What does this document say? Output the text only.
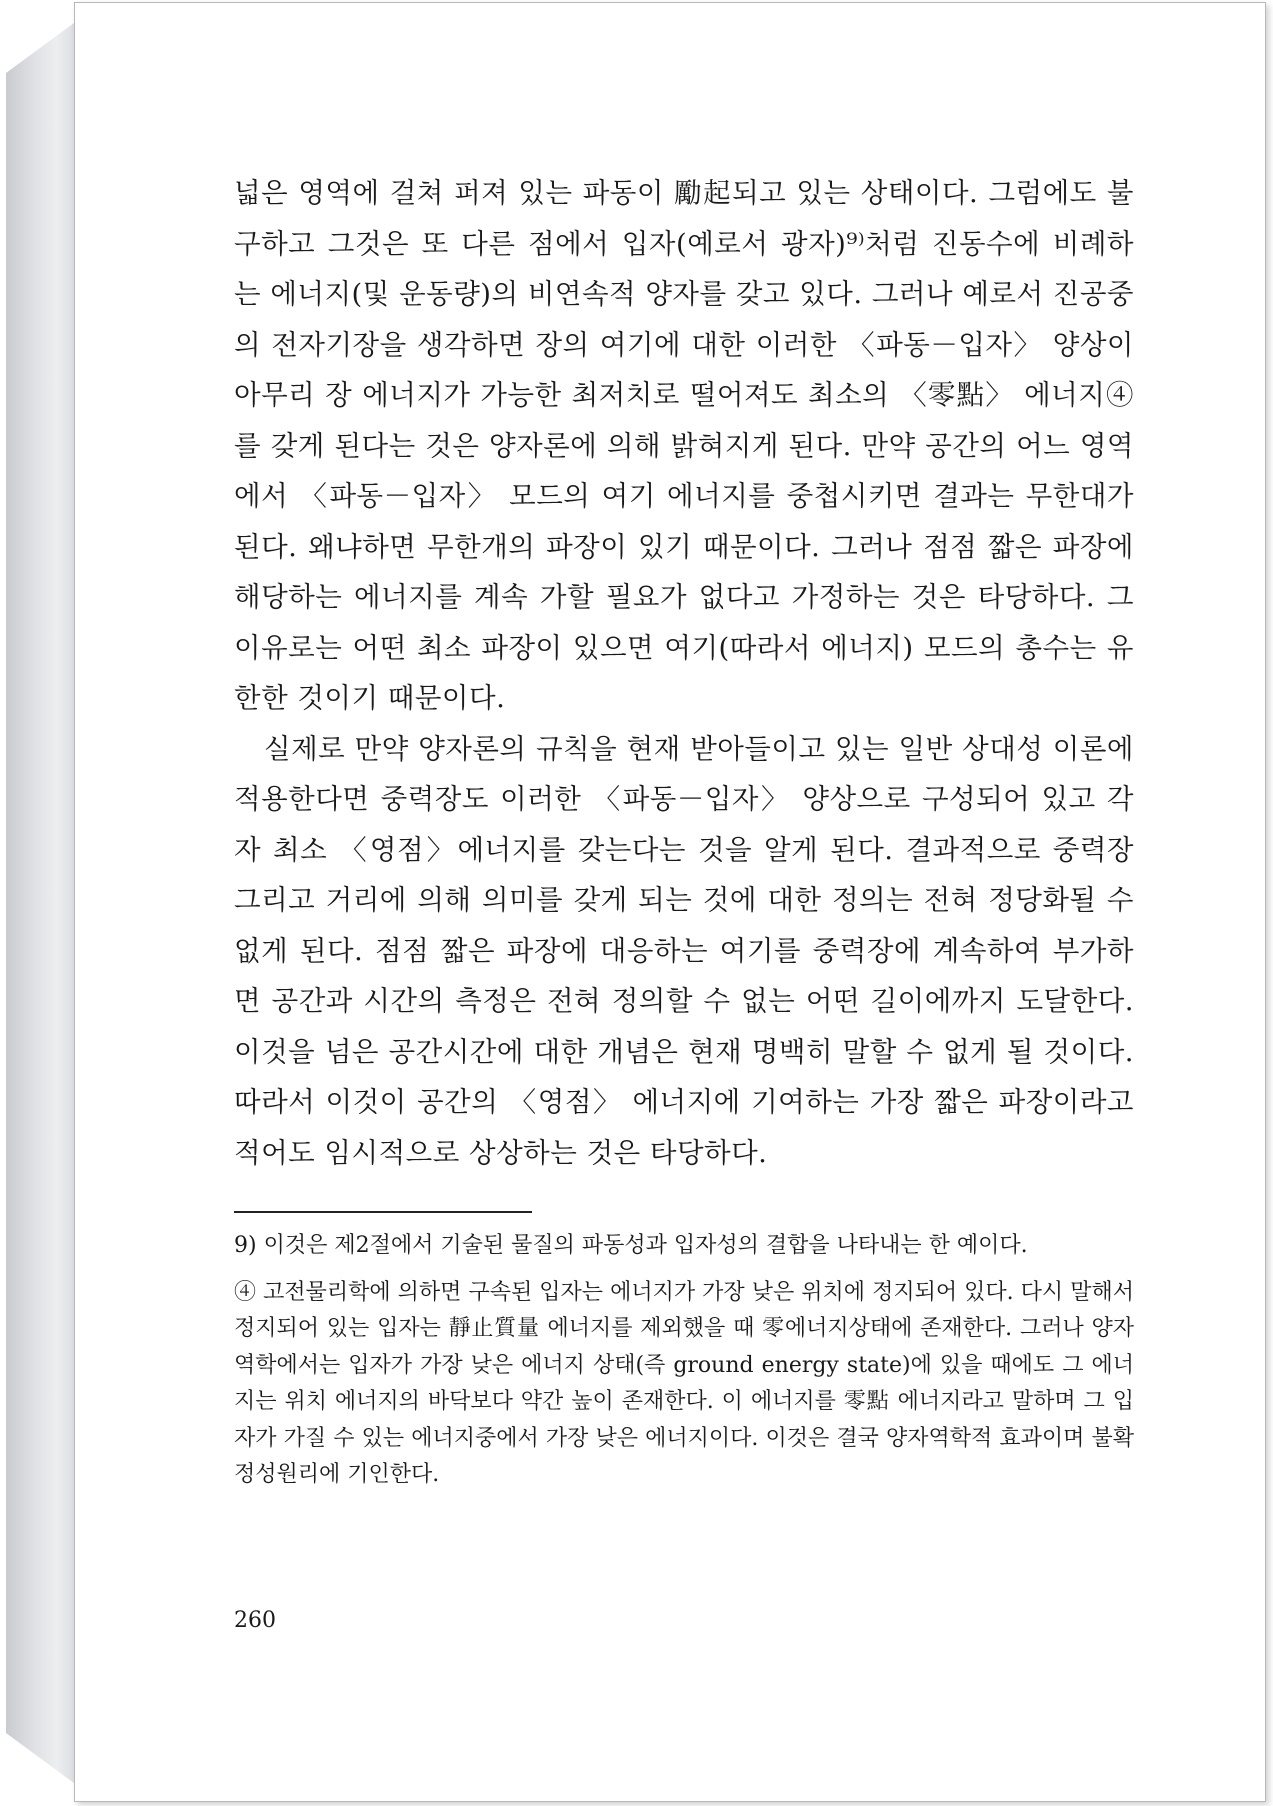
넓은 영역에 걸쳐 퍼져 있는 파동이 勵起되고 있는 상태이다. 그럼에도 불구하고 그것은 또 다른 점에서 입자(예로서 광자)⁹⁾처럼 진동수에 비례하는 에너지(및 운동량)의 비연속적 양자를 갖고 있다. 그러나 예로서 진공중의 전자기장을 생각하면 장의 여기에 대한 이러한 〈파동－입자〉 양상이 아무리 장 에너지가 가능한 최저치로 떨어져도 최소의 〈零點〉 에너지④를 갖게 된다는 것은 양자론에 의해 밝혀지게 된다. 만약 공간의 어느 영역에서 〈파동－입자〉 모드의 여기 에너지를 중첩시키면 결과는 무한대가 된다. 왜냐하면 무한개의 파장이 있기 때문이다. 그러나 점점 짧은 파장에 해당하는 에너지를 계속 가할 필요가 없다고 가정하는 것은 타당하다. 그 이유로는 어떤 최소 파장이 있으면 여기(따라서 에너지) 모드의 총수는 유한한 것이기 때문이다.

실제로 만약 양자론의 규칙을 현재 받아들이고 있는 일반 상대성 이론에 적용한다면 중력장도 이러한 〈파동－입자〉 양상으로 구성되어 있고 각자 최소 〈영점〉에너지를 갖는다는 것을 알게 된다. 결과적으로 중력장 그리고 거리에 의해 의미를 갖게 되는 것에 대한 정의는 전혀 정당화될 수 없게 된다. 점점 짧은 파장에 대응하는 여기를 중력장에 계속하여 부가하면 공간과 시간의 측정은 전혀 정의할 수 없는 어떤 길이에까지 도달한다. 이것을 넘은 공간시간에 대한 개념은 현재 명백히 말할 수 없게 될 것이다. 따라서 이것이 공간의 〈영점〉 에너지에 기여하는 가장 짧은 파장이라고 적어도 임시적으로 상상하는 것은 타당하다.

9) 이것은 제2절에서 기술된 물질의 파동성과 입자성의 결합을 나타내는 한 예이다.

④ 고전물리학에 의하면 구속된 입자는 에너지가 가장 낮은 위치에 정지되어 있다. 다시 말해서 정지되어 있는 입자는 靜止質量 에너지를 제외했을 때 零에너지상태에 존재한다. 그러나 양자역학에서는 입자가 가장 낮은 에너지 상태(즉 ground energy state)에 있을 때에도 그 에너지는 위치 에너지의 바닥보다 약간 높이 존재한다. 이 에너지를 零點 에너지라고 말하며 그 입자가 가질 수 있는 에너지중에서 가장 낮은 에너지이다. 이것은 결국 양자역학적 효과이며 불확정성원리에 기인한다.

260
